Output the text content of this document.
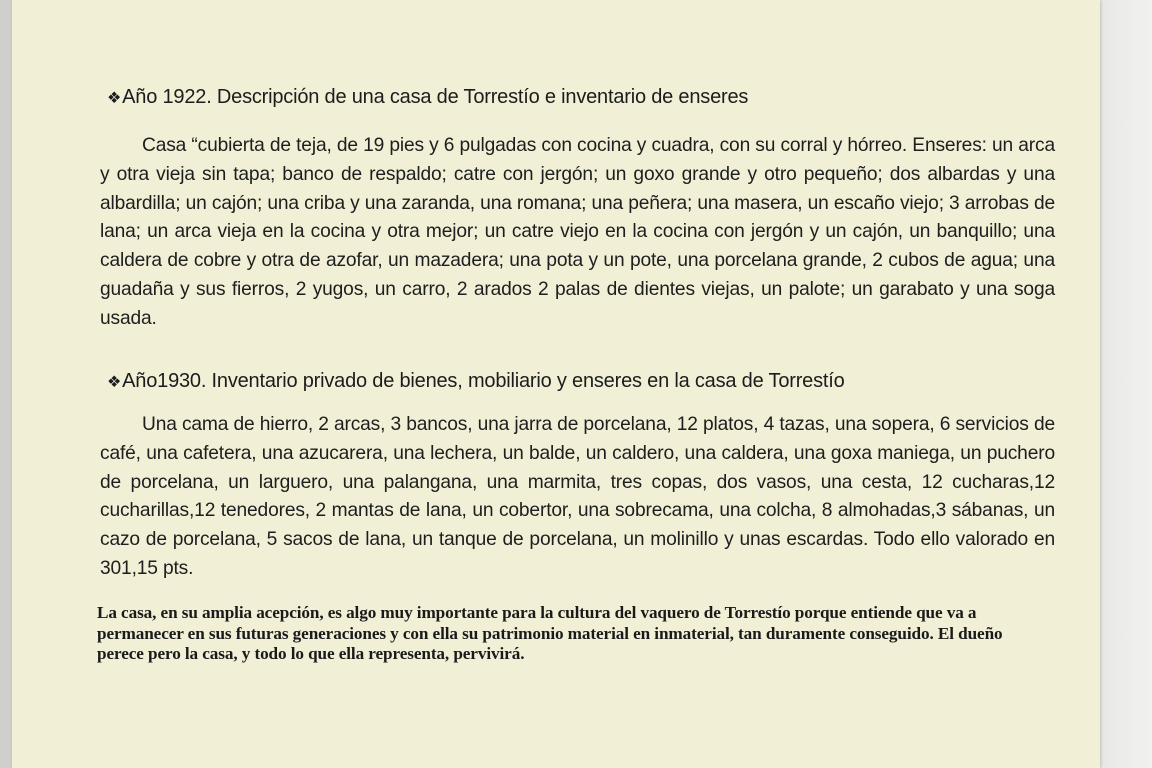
❖Año 1922. Descripción de una casa de Torrestío e inventario de enseres

Casa “cubierta de teja, de 19 pies y 6 pulgadas con cocina y cuadra, con su corral y hórreo. Enseres: un arca y otra vieja sin tapa; banco de respaldo; catre con jergón; un goxo grande y otro pequeño; dos albardas y una albardilla; un cajón; una criba y una zaranda, una romana; una peñera; una masera, un escaño viejo; 3 arrobas de lana; un arca vieja en la cocina y otra mejor; un catre viejo en la cocina con jergón y un cajón, un banquillo; una caldera de cobre y otra de azofar, un mazadera; una pota y un pote, una porcelana grande, 2 cubos de agua; una guadaña y sus fierros, 2 yugos, un carro, 2 arados 2 palas de dientes viejas, un palote; un garabato y una soga usada.

❖Año1930. Inventario privado de bienes, mobiliario y enseres en la casa de Torrestío

Una cama de hierro, 2 arcas, 3 bancos, una jarra de porcelana, 12 platos, 4 tazas, una sopera, 6 servicios de café, una cafetera, una azucarera, una lechera, un balde, un caldero, una caldera, una goxa maniega, un puchero de porcelana, un larguero, una palangana, una marmita, tres copas, dos vasos, una cesta, 12 cucharas,12 cucharillas,12 tenedores, 2 mantas de lana, un cobertor, una sobrecama, una colcha, 8 almohadas,3 sábanas, un cazo de porcelana, 5 sacos de lana, un tanque de porcelana, un molinillo y unas escardas. Todo ello valorado en 301,15 pts.

La casa, en su amplia acepción, es algo muy importante para la cultura del vaquero de Torrestío porque entiende que va a permanecer en sus futuras generaciones y con ella su patrimonio material en inmaterial, tan duramente conseguido. El dueño perece pero la casa, y todo lo que ella representa, pervivirá.
